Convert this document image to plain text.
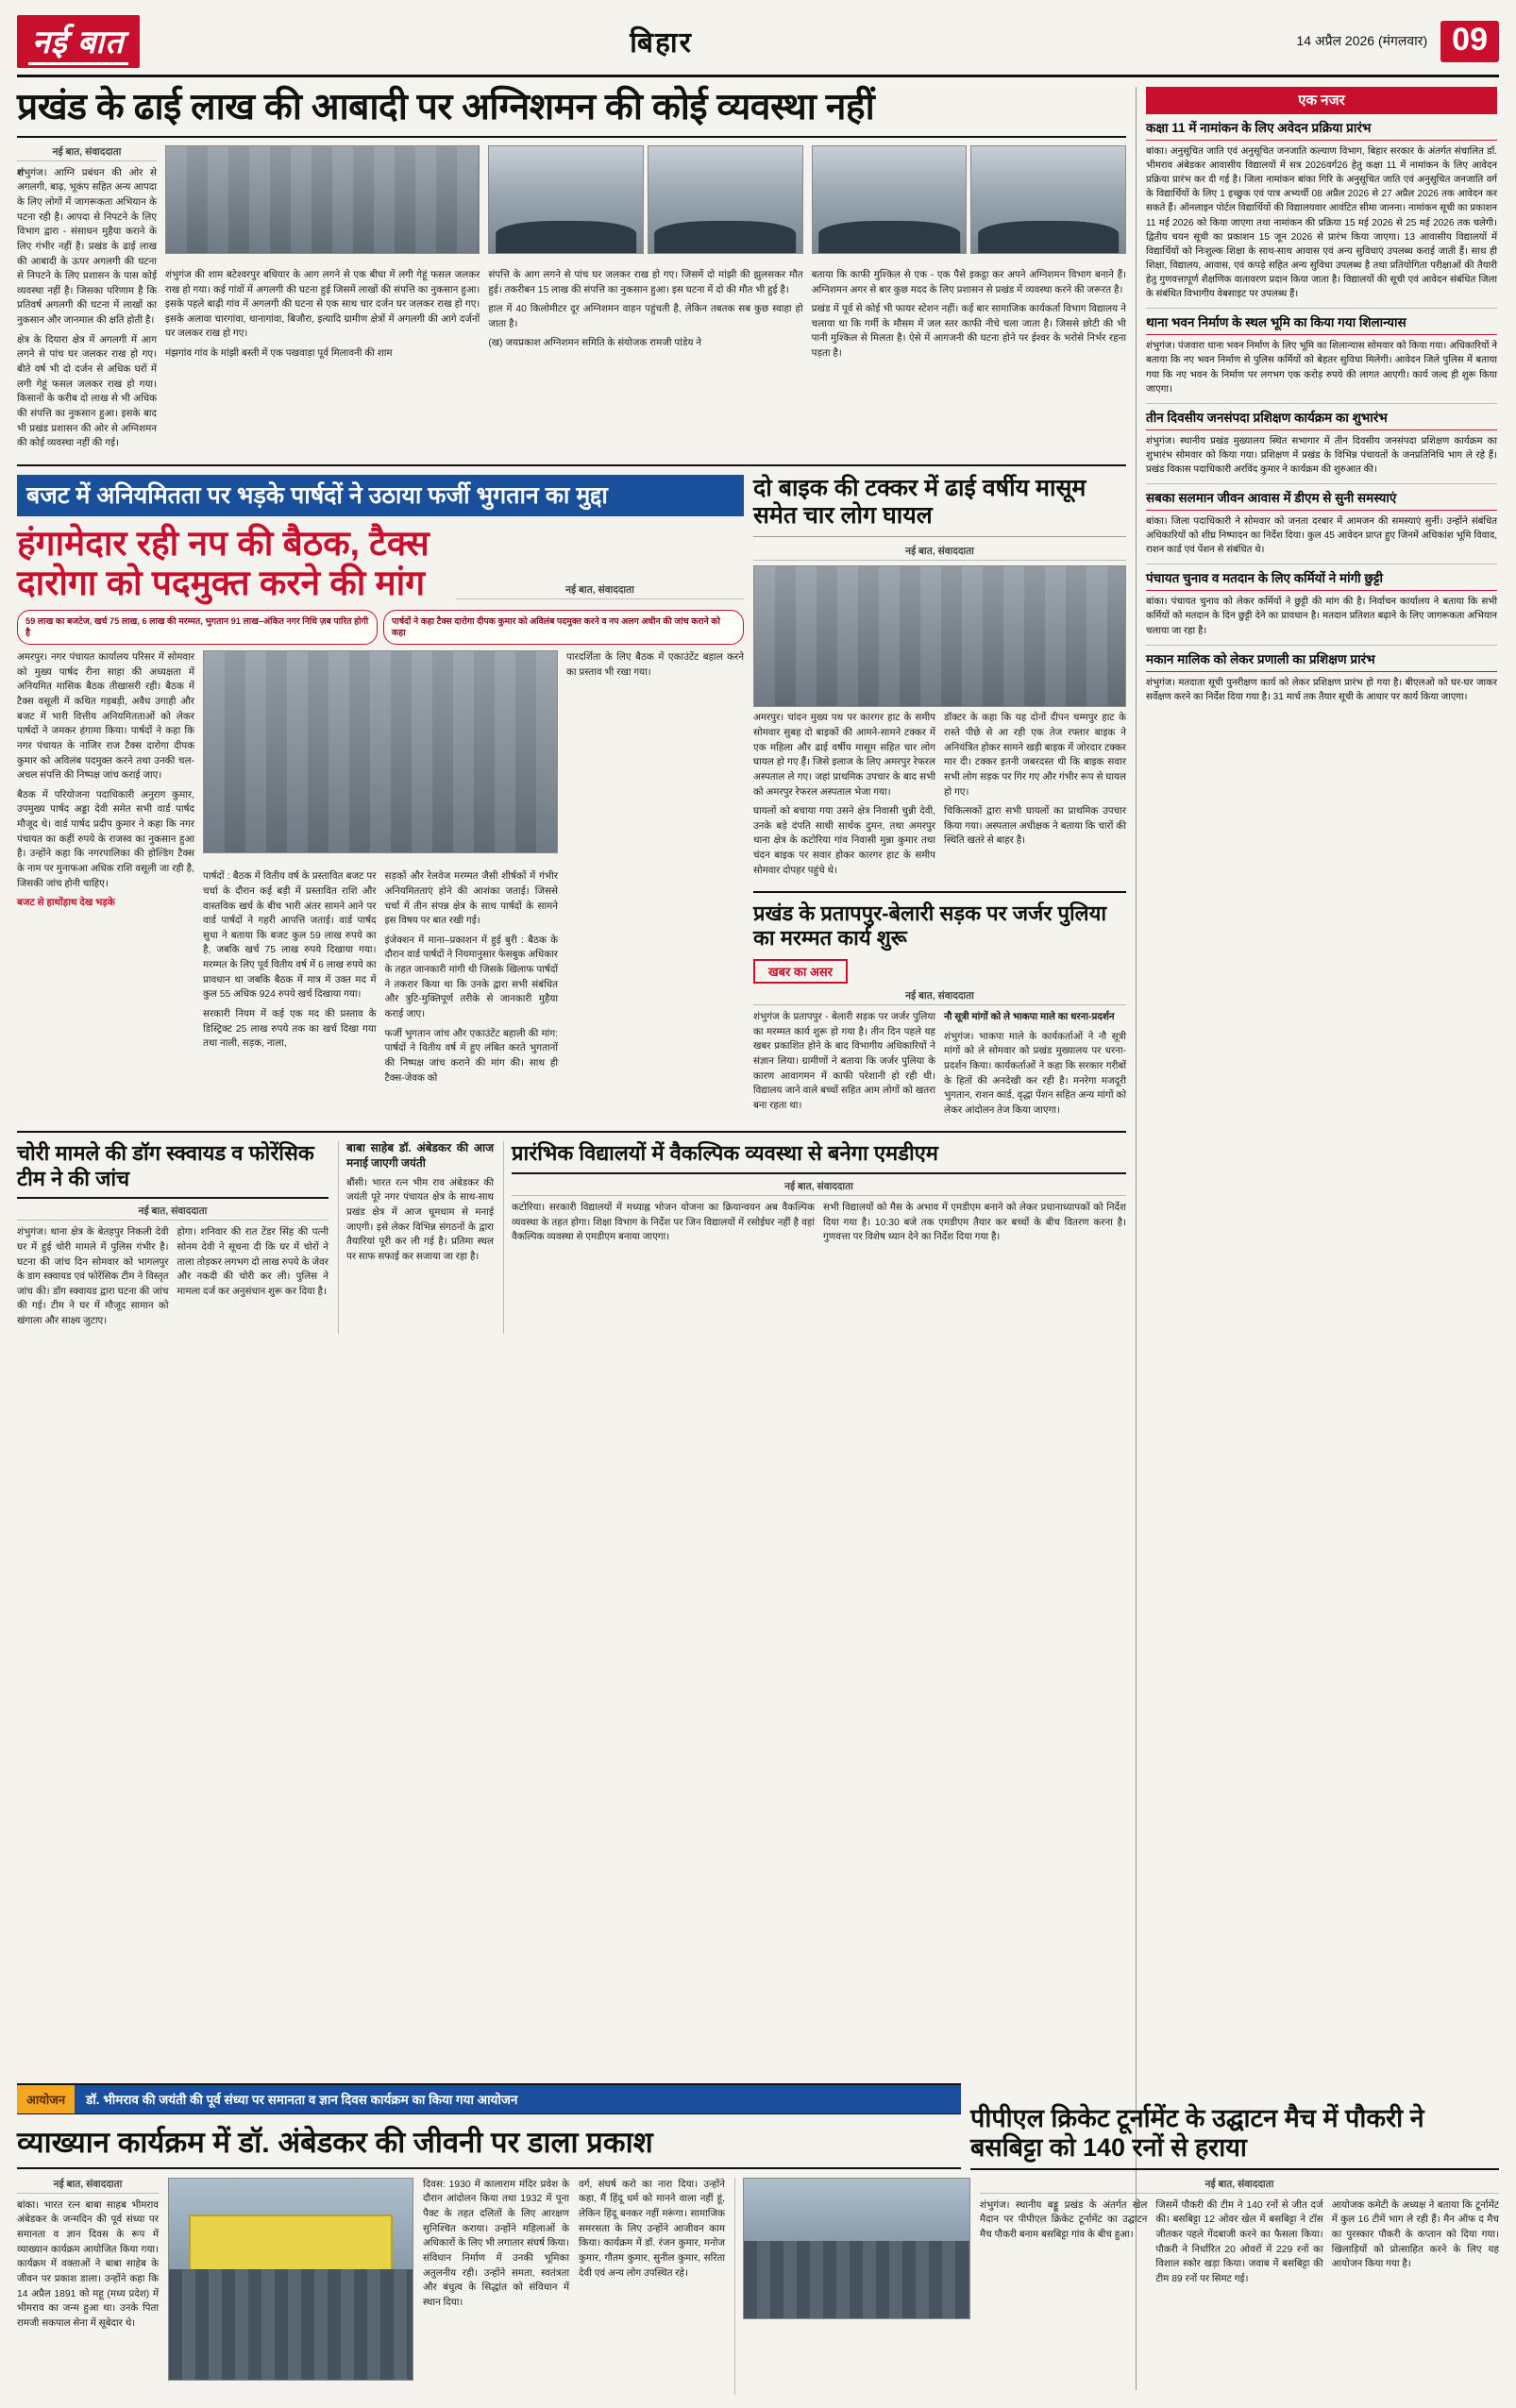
नई बात	बिहार	14 अप्रैल 2026 (मंगलवार) 09
प्रखंड के ढाई लाख की आबादी पर अग्निशमन की कोई व्यवस्था नहीं
नई बात, संवाददाता

शंभुगंज। आग्नि प्रबंधन की ओर से अगलगी, बाढ़, भूकंप सहित अन्य आपदा के लिए लोगों में जागरूकता अभियान के पटना रही है। आपदा से निपटने के लिए विभाग द्वारा - संसाधन मुहैया कराने के लिए गंभीर नहीं है। प्रखंड के ढाई लाख की आबादी के ऊपर अगलगी की घटना से निपटने के लिए प्रशासन के पास कोई व्यवस्था नहीं है। जिसका परिणाम है कि प्रतिवर्ष अगलगी की घटना में लाखों का नुकसान और जानमाल की क्षति होती है।

क्षेत्र के दियारा क्षेत्र में अगलगी में आग लगने से पांच घर जलकर राख हो गए। बीते वर्ष भी दो दर्जन से अधिक घरों में लगी गेहूं फसल जलकर राख हो गया। किसानों के करीब दो लाख से भी अधिक की संपत्ति का नुकसान हुआ। इसके बाद भी प्रखंड प्रशासन की ओर से अग्निशमन की कोई व्यवस्था नहीं की गई।

शंभुगंज की शाम बटेश्वरपुर बधियार के आग लगने से एक बीघा में लगी गेहूं फसल जलकर राख हो गया। कई गांवों में अगलगी की घटना हुई जिसमें लाखों की संपत्ति का नुकसान हुआ। इसके पहले बाढ़ी गांव में अगलगी की घटना से एक साथ चार दर्जन घर जलकर राख हो गए। इसके अलावा चारगांवा, थानागांवा, बिजौरा, इत्यादि ग्रामीण क्षेत्रों में अगलगी की आगे दर्जनों घर जलकर राख हो गए।

मंझगांव गांव के मांझी बस्ती में एक पखवाड़ा पूर्व मिलावनी की शाम

संपत्ति के आग लगने से पांच घर जलकर राख हो गए। जिसमें दो मांझी की झुलसकर मौत हुई। तकरीबन 15 लाख की संपत्ति का नुकसान हुआ। इस घटना में दो की मौत भी हुई है।

हाल में 40 किलोमीटर दूर अग्निशमन वाहन पहुंचती है, लेकिन तबतक सब कुछ स्वाहा हो जाता है।

(ख) जयप्रकाश अग्निशमन समिति के संयोजक रामजी पांडेय ने

बताया कि काफी मुश्किल से एक - एक पैसे इकट्ठा कर अपने अग्निशमन विभाग बनाने हैं। अग्निशमन अगर से बार कुछ मदद के लिए प्रशासन से प्रखंड में व्यवस्था करने की जरूरत है।

प्रखंड में पूर्व से कोई भी फायर स्टेशन नहीं। कई बार सामाजिक कार्यकर्ता विभाग विद्यालय ने चलाया था कि गर्मी के मौसम में जल स्तर काफी नीचे चला जाता है। जिससे छोटी की भी पानी मुश्किल से मिलता है। ऐसे में आगजनी की घटना होने पर ईश्वर के भरोसे निर्भर रहना पड़ता है।

बजट में अनियमितता पर भड़के पार्षदों ने उठाया फर्जी भुगतान का मुद्दा
हंगामेदार रही नप की बैठक, टैक्स दारोगा को पदमुक्त करने की मांग	नई बात, संवाददाता
59 लाख का बजटेज, खर्च 75 लाख, 6 लाख की मरम्मत, भुगतान 91 लाख–अंकित नगर निधि ज़ब पारित होगी है
पार्षदों ने कहा टैक्स दारोगा दीपक कुमार को अविलंब पदमुक्त करने व नप अलग अधीन की जांच कराने को कहा

अमरपुर। नगर पंचायत कार्यालय परिसर में सोमवार को मुख्य पार्षद रीना साहा की अध्यक्षता में अनियमित मासिक बैठक तीखासरी रही। बैठक में टैक्स वसूली में कथित गड़बड़ी, अवैध उगाही और बजट में भारी वित्तीय अनियमितताओं को लेकर पार्षदों ने जमकर हंगामा किया। पार्षदों ने कहा कि नगर पंचायत के नाजिर राज टैक्स दारोगा दीपक कुमार को अविलंब पदमुक्त करने तथा उनकी चल-अचल संपत्ति की निष्पक्ष जांच कराई जाए।

बैठक में परियोजना पदाधिकारी अनुराग कुमार, उपमुख्य पार्षद अड्डा देवी समेत सभी वार्ड पार्षद मौजूद थे। वार्ड पार्षद प्रदीप कुमार ने कहा कि नगर पंचायत का कहीं रुपये के राजस्व का नुकसान हुआ है। उन्होंने कहा कि नगरपालिका की होल्डिंग टैक्स के नाम पर मुनाफआ अधिक राशि वसूली जा रही है, जिसकी जांच होनी चाहिए।

बजट से हाथोंहाथ देख भड़के

पार्षदों : बैठक में वितीय वर्ष के प्रस्तावित बजट पर चर्चा के दौरान कई बड़ी में प्रस्तावित राशि और वास्तविक खर्च के बीच भारी अंतर सामने आने पर वार्ड पार्षदों ने गहरी आपत्ति जताई। वार्ड पार्षद सुधा ने बताया कि बजट कुल 59 लाख रुपये का है, जबकि खर्च 75 लाख रुपये दिखाया गया। मरम्मत के लिए पूर्व वितीय वर्ष में 6 लाख रुपये का प्रावधान था जबकि बैठक में मात्र में उक्त मद में कुल 55 अधिक 924 रुपये खर्च दिखाया गया।

सरकारी नियम में कई एक मद की प्रस्ताव के डिस्ट्रिक्ट 25 लाख रुपये तक का खर्च दिखा गया तथा नाली, सड़क, नाला,

सड़कों और रेलवेज मरम्मत जैसी शीर्षकों में गंभीर अनियमितताएं होने की आशंका जताई। जिससे चर्चा में तीन संपन्न क्षेत्र के साथ पार्षदों के सामने इस विषय पर बात रखी गई।

इंजेक्शन में माना–प्रकाशन में हुई बुरी : बैठक के दौरान वार्ड पार्षदों ने नियमानुसार फेसबुक अधिकार के तहत जानकारी मांगी थी जिसके खिलाफ पार्षदों ने तकरार किया था कि उनके द्वारा सभी संबंधित और त्रुटि-मुक्तिपूर्ण तरीके से जानकारी मुहैया कराई जाए।

फर्जी भुगतान जांच और एकाउंटेंट बहाली की मांग: पार्षदों ने वितीय वर्ष में हुए लंबित करते भुगतानों की निष्पक्ष जांच कराने की मांग की। साथ ही टैक्स-जेवक को

पारदर्शिता के लिए बैठक में एकाउंटेंट बहाल करने का प्रस्ताव भी रखा गया।

दो बाइक की टक्कर में ढाई वर्षीय मासूम समेत चार लोग घायल
नई बात, संवाददाता

अमरपुर। चांदन मुख्य पथ पर कारगर हाट के समीप सोमवार सुबह दो बाइकों की आमने-सामने टक्कर में एक महिला और ढाई वर्षीय मासूम सहित चार लोग घायल हो गए हैं। जिसे इलाज के लिए अमरपुर रेफरल अस्पताल ले गए। जहां प्राथमिक उपचार के बाद सभी को अमरपुर रेफरल अस्पताल भेजा गया।

घायलों को बचाया गया उसने क्षेत्र निवासी चुन्नी देवी, उनके बड़े दंपति साथी सार्थक दुमन, तथा अमरपुर थाना क्षेत्र के कटोरिया गांव निवासी मुन्ना कुमार तथा चंदन बाइक पर सवार होकर कारगर हाट के समीप सोमवार दोपहर पहुंचे थे।

डॉक्टर के कहा कि यह दोनों दीपन चम्मपुर हाट के रास्ते पीछे से आ रही एक तेज रफ्तार बाइक ने अनियंत्रित होकर सामने खड़ी बाइक में जोरदार टक्कर मार दी। टक्कर इतनी जबरदस्त थी कि बाइक सवार सभी लोग सड़क पर गिर गए और गंभीर रूप से घायल हो गए।

चिकित्सकों द्वारा सभी घायलों का प्राथमिक उपचार किया गया। अस्पताल अधीक्षक ने बताया कि चारों की स्थिति खतरे से बाहर है।

प्रखंड के प्रतापपुर-बेलारी सड़क पर जर्जर पुलिया का मरम्मत कार्य शुरू
खबर का असर
नई बात, संवाददाता

शंभुगंज के प्रतापपुर - बेलारी सड़क पर जर्जर पुलिया का मरम्मत कार्य शुरू हो गया है। तीन दिन पहले यह खबर प्रकाशित होने के बाद विभागीय अधिकारियों ने संज्ञान लिया। ग्रामीणों ने बताया कि जर्जर पुलिया के कारण आवागमन में काफी परेशानी हो रही थी। विद्यालय जाने वाले बच्चों सहित आम लोगों को खतरा बना रहता था।

नौ सूत्री मांगों को ले भाकपा माले का धरना-प्रदर्शन

शंभुगंज। भाकपा माले के कार्यकर्ताओं ने नौ सूत्री मांगों को ले सोमवार को प्रखंड मुख्यालय पर धरना-प्रदर्शन किया। कार्यकर्ताओं ने कहा कि सरकार गरीबों के हितों की अनदेखी कर रही है। मनरेगा मजदूरी भुगतान, राशन कार्ड, वृद्धा पेंशन सहित अन्य मांगों को लेकर आंदोलन तेज किया जाएगा।

चोरी मामले की डॉग स्क्वायड व फोरेंसिक टीम ने की जांच
नई बात, संवाददाता

शंभुगंज। थाना क्षेत्र के बेतहपुर निकली देवी घर में हुई चोरी मामले में पुलिस गंभीर है। घटना की जांच दिन सोमवार को भागलपुर के डाग स्क्वायड एवं फोरेंसिक टीम ने विस्तृत जांच की। डॉग स्क्वायड द्वारा घटना की जांच की गई। टीम ने घर में मौजूद सामान को खंगाला और साक्ष्य जुटाए।

होगा। शनिवार की रात टेंडर सिंह की पत्नी सोनम देवी ने सूचना दी कि घर में चोरों ने ताला तोड़कर लगभग दो लाख रुपये के जेवर और नकदी की चोरी कर ली। पुलिस ने मामला दर्ज कर अनुसंधान शुरू कर दिया है।

बाबा साहेब डॉ. अंबेडकर की आज मनाई जाएगी जयंती

बौंसी। भारत रत्न भीम राव अंबेडकर की जयंती पूरे नगर पंचायत क्षेत्र के साथ-साथ प्रखंड क्षेत्र में आज धूमधाम से मनाई जाएगी। इसे लेकर विभिन्न संगठनों के द्वारा तैयारियां पूरी कर ली गई है। प्रतिमा स्थल पर साफ सफाई कर सजाया जा रहा है।

प्रारंभिक विद्यालयों में वैकल्पिक व्यवस्था से बनेगा एमडीएम
नई बात, संवाददाता

कटोरिया। सरकारी विद्यालयों में मध्याह्न भोजन योजना का क्रियान्वयन अब वैकल्पिक व्यवस्था के तहत होगा। शिक्षा विभाग के निर्देश पर जिन विद्यालयों में रसोईघर नहीं है वहां वैकल्पिक व्यवस्था से एमडीएम बनाया जाएगा।

सभी विद्यालयों को मैस के अभाव में एमडीएम बनाने को लेकर प्रधानाध्यापकों को निर्देश दिया गया है। 10:30 बजे तक एमडीएम तैयार कर बच्चों के बीच वितरण करना है। गुणवत्ता पर विशेष ध्यान देने का निर्देश दिया गया है।

एक नजर
कक्षा 11 में नामांकन के लिए अवेदन प्रक्रिया प्रारंभ

बांका। अनुसूचित जाति एवं अनुसूचित जनजाति कल्याण विभाग, बिहार सरकार के अंतर्गत संचालित डॉ. भीमराव अंबेडकर आवासीय विद्यालयों में सत्र 2026वर्ग26 हेतु कक्षा 11 में नामांकन के लिए आवेदन प्रक्रिया प्रारंभ कर दी गई है। जिला नामांकन बांका गिरि के अनुसूचित जाति एवं अनुसूचित जनजाति वर्ग के विद्यार्थियों के लिए 1 इच्छुक एवं पात्र अभ्यर्थी 08 अप्रैल 2026 से 27 अप्रैल 2026 तक आवेदन कर सकते हैं। ऑनलाइन पोर्टल विद्यार्थियों की विद्यालयवार आवंटित सीमा जानना। नामांकन सूची का प्रकाशन 11 मई 2026 को किया जाएगा तथा नामांकन की प्रक्रिया 15 मई 2026 से 25 मई 2026 तक चलेगी। द्वितीय चयन सूची का प्रकाशन 15 जून 2026 से प्रारंभ किया जाएगा। 13 आवासीय विद्यालयों में विद्यार्थियों को निःशुल्क शिक्षा के साथ-साथ आवास एवं अन्य सुविधाएं उपलब्ध कराई जाती हैं। साथ ही शिक्षा, विद्यालय, आवास, एवं कपड़े सहित अन्य सुविधा उपलब्ध है तथा प्रतियोगिता परीक्षाओं की तैयारी हेतु गुणवत्तापूर्ण शैक्षणिक वातावरण प्रदान किया जाता है। विद्यालयों की सूची एवं आवेदन संबंधित जिला के संबंधित विभागीय वेबसाइट पर उपलब्ध हैं।

थाना भवन निर्माण के स्थल भूमि का किया गया शिलान्यास

शंभुगंज। पंजवारा थाना भवन निर्माण के लिए भूमि का शिलान्यास सोमवार को किया गया। अधिकारियों ने बताया कि नए भवन निर्माण से पुलिस कर्मियों को बेहतर सुविधा मिलेगी। आवेदन जिले पुलिस में बताया गया कि नए भवन के निर्माण पर लगभग एक करोड़ रुपये की लागत आएगी। कार्य जल्द ही शुरू किया जाएगा।

तीन दिवसीय जनसंपदा प्रशिक्षण कार्यक्रम का शुभारंभ

शंभुगंज। स्थानीय प्रखंड मुख्यालय स्थित सभागार में तीन दिवसीय जनसंपदा प्रशिक्षण कार्यक्रम का शुभारंभ सोमवार को किया गया। प्रशिक्षण में प्रखंड के विभिन्न पंचायतों के जनप्रतिनिधि भाग ले रहे हैं। प्रखंड विकास पदाधिकारी अरविंद कुमार ने कार्यक्रम की शुरुआत की।

सबका सलमान जीवन आवास में डीएम से सुनी समस्याएं

बांका। जिला पदाधिकारी ने सोमवार को जनता दरबार में आमजन की समस्याएं सुनीं। उन्होंने संबंधित अधिकारियों को शीघ्र निष्पादन का निर्देश दिया। कुल 45 आवेदन प्राप्त हुए जिनमें अधिकांश भूमि विवाद, राशन कार्ड एवं पेंशन से संबंधित थे।

पंचायत चुनाव व मतदान के लिए कर्मियों ने मांगी छुट्टी

बांका। पंचायत चुनाव को लेकर कर्मियों ने छुट्टी की मांग की है। निर्वाचन कार्यालय ने बताया कि सभी कर्मियों को मतदान के दिन छुट्टी देने का प्रावधान है। मतदान प्रतिशत बढ़ाने के लिए जागरूकता अभियान चलाया जा रहा है।

मकान मालिक को लेकर प्रणाली का प्रशिक्षण प्रारंभ

शंभुगंज। मतदाता सूची पुनरीक्षण कार्य को लेकर प्रशिक्षण प्रारंभ हो गया है। बीएलओ को घर-घर जाकर सर्वेक्षण करने का निर्देश दिया गया है। 31 मार्च तक तैयार सूची के आधार पर कार्य किया जाएगा।

आयोजन	डॉ. भीमराव की जयंती की पूर्व संध्या पर समानता व ज्ञान दिवस कार्यक्रम का किया गया आयोजन
व्याख्यान कार्यक्रम में डॉ. अंबेडकर की जीवनी पर डाला प्रकाश
पीपीएल क्रिकेट टूर्नामेंट के उद्घाटन मैच में पौकरी ने बसबिट्टा को 140 रनों से हराया
नई बात, संवाददाता

बांका। भारत रत्न बाबा साहब भीमराव अंबेडकर के जन्मदिन की पूर्व संध्या पर समानता व ज्ञान दिवस के रूप में व्याख्यान कार्यक्रम आयोजित किया गया। कार्यक्रम में वक्ताओं ने बाबा साहेब के जीवन पर प्रकाश डाला। उन्होंने कहा कि 14 अप्रैल 1891 को महू (मध्य प्रदेश) में भीमराव का जन्म हुआ था। उनके पिता रामजी सकपाल सेना में सूबेदार थे।

दिवस: 1930 में कालाराम मंदिर प्रवेश के दौरान आंदोलन किया तथा 1932 में पूना पैक्ट के तहत दलितों के लिए आरक्षण सुनिश्चित कराया। उन्होंने महिलाओं के अधिकारों के लिए भी लगातार संघर्ष किया। संविधान निर्माण में उनकी भूमिका अतुलनीय रही। उन्होंने समता, स्वतंत्रता और बंधुत्व के सिद्धांत को संविधान में स्थान दिया।

वर्ग, संघर्ष करो का नारा दिया। उन्होंने कहा, मैं हिंदू धर्म को मानने वाला नहीं हूं, लेकिन हिंदू बनकर नहीं मरूंगा। सामाजिक समरसता के लिए उन्होंने आजीवन काम किया। कार्यक्रम में डॉ. रंजन कुमार, मनोज कुमार, गौतम कुमार, सुनील कुमार, सरिता देवी एवं अन्य लोग उपस्थित रहे।

नई बात, संवाददाता

शंभुगंज। स्थानीय बड्डू प्रखंड के अंतर्गत खेल मैदान पर पीपीएल क्रिकेट टूर्नामेंट का उद्घाटन मैच पौकरी बनाम बसबिट्टा गांव के बीच हुआ।

जिसमें पौकरी की टीम ने 140 रनों से जीत दर्ज की। बसबिट्टा 12 ओवर खेल में बसबिट्टा ने टॉस जीतकर पहले गेंदबाजी करने का फैसला किया। पौकरी ने निर्धारित 20 ओवरों में 229 रनों का विशाल स्कोर खड़ा किया। जवाब में बसबिट्टा की टीम 89 रनों पर सिमट गई।

आयोजक कमेटी के अध्यक्ष ने बताया कि टूर्नामेंट में कुल 16 टीमें भाग ले रही हैं। मैन ऑफ द मैच का पुरस्कार पौकरी के कप्तान को दिया गया। खिलाड़ियों को प्रोत्साहित करने के लिए यह आयोजन किया गया है।
